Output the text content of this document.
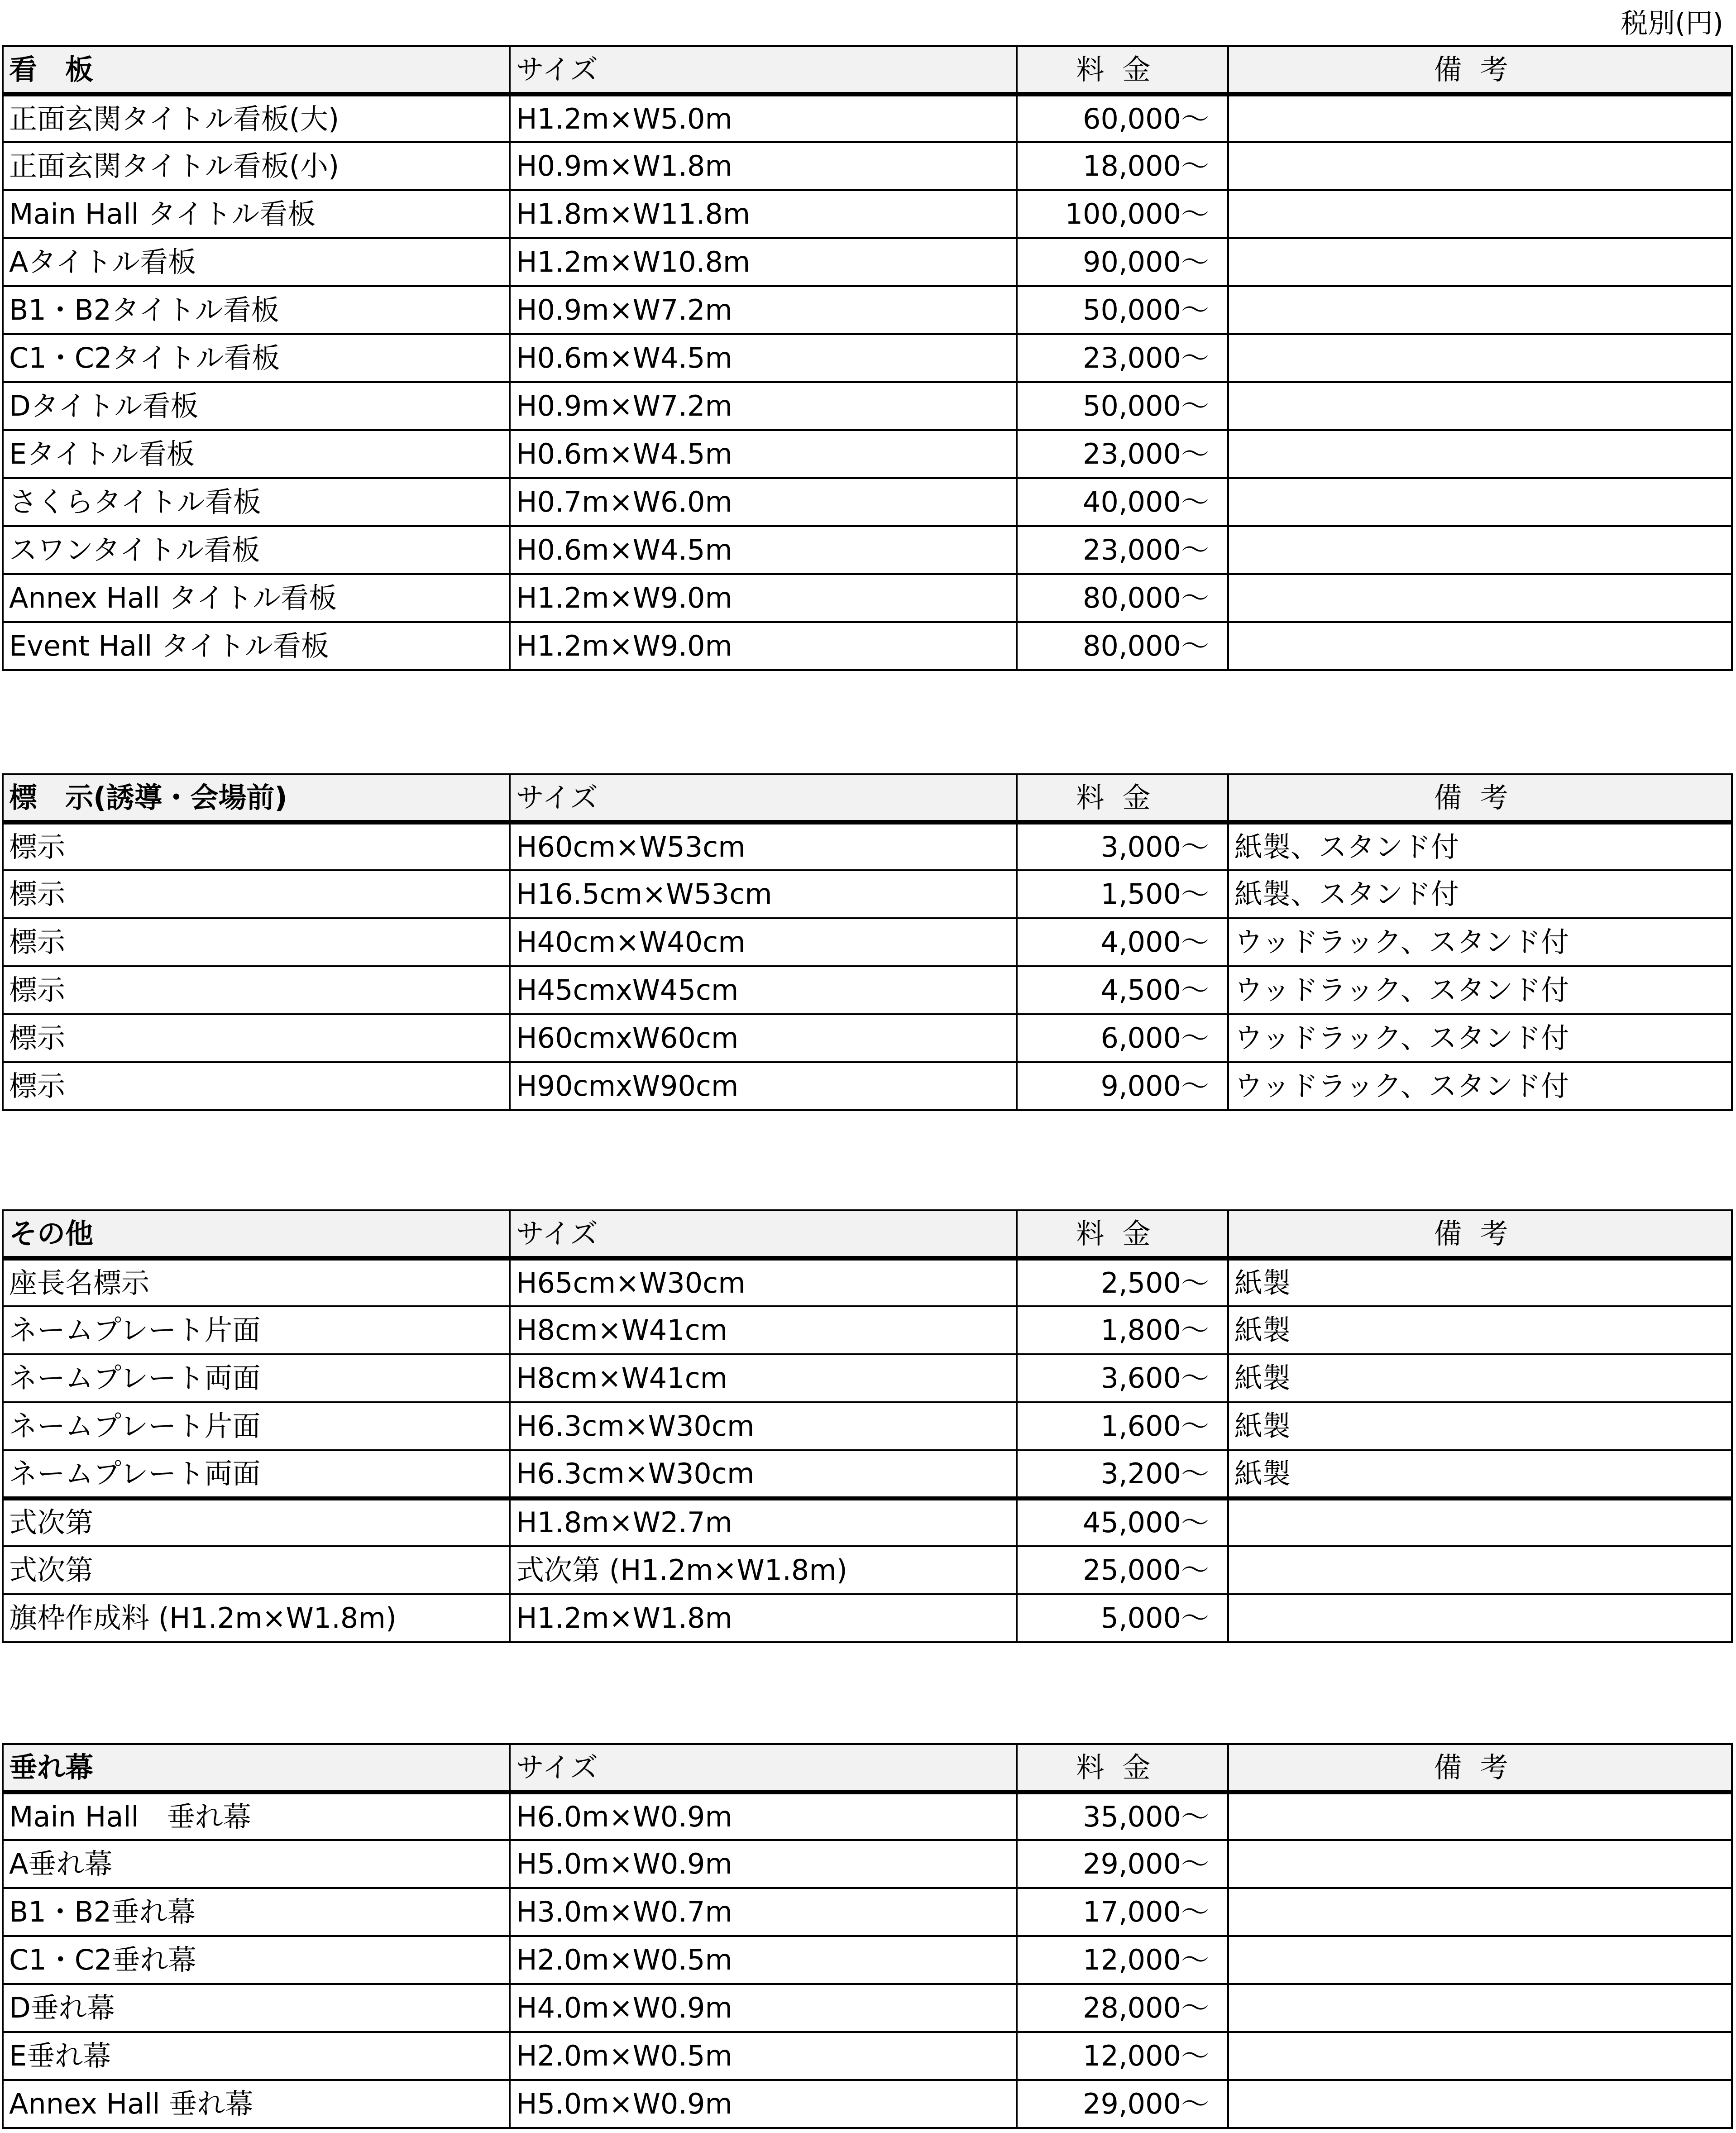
税別(円)
看　板	サイズ	料金	備考
正面玄関タイトル看板(大)	H1.2m×W5.0m	60,000～	
正面玄関タイトル看板(小)	H0.9m×W1.8m	18,000～	
Main Hall タイトル看板	H1.8m×W11.8m	100,000～	
Aタイトル看板	H1.2m×W10.8m	90,000～	
B1・B2タイトル看板	H0.9m×W7.2m	50,000～	
C1・C2タイトル看板	H0.6m×W4.5m	23,000～	
Dタイトル看板	H0.9m×W7.2m	50,000～	
Eタイトル看板	H0.6m×W4.5m	23,000～	
さくらタイトル看板	H0.7m×W6.0m	40,000～	
スワンタイトル看板	H0.6m×W4.5m	23,000～	
Annex Hall タイトル看板	H1.2m×W9.0m	80,000～	
Event Hall タイトル看板	H1.2m×W9.0m	80,000～	
標　示(誘導・会場前)	サイズ	料金	備考
標示	H60cm×W53cm	3,000～	紙製、スタンド付
標示	H16.5cm×W53cm	1,500～	紙製、スタンド付
標示	H40cm×W40cm	4,000～	ウッドラック、スタンド付
標示	H45cmxW45cm	4,500～	ウッドラック、スタンド付
標示	H60cmxW60cm	6,000～	ウッドラック、スタンド付
標示	H90cmxW90cm	9,000～	ウッドラック、スタンド付
その他	サイズ	料金	備考
座長名標示	H65cm×W30cm	2,500～	紙製
ネームプレート片面	H8cm×W41cm	1,800～	紙製
ネームプレート両面	H8cm×W41cm	3,600～	紙製
ネームプレート片面	H6.3cm×W30cm	1,600～	紙製
ネームプレート両面	H6.3cm×W30cm	3,200～	紙製
式次第	H1.8m×W2.7m	45,000～	
式次第	式次第 (H1.2m×W1.8m)	25,000～	
旗枠作成料 (H1.2m×W1.8m)	H1.2m×W1.8m	5,000～	
垂れ幕	サイズ	料金	備考
Main Hall　垂れ幕	H6.0m×W0.9m	35,000～	
A垂れ幕	H5.0m×W0.9m	29,000～	
B1・B2垂れ幕	H3.0m×W0.7m	17,000～	
C1・C2垂れ幕	H2.0m×W0.5m	12,000～	
D垂れ幕	H4.0m×W0.9m	28,000～	
E垂れ幕	H2.0m×W0.5m	12,000～	
Annex Hall 垂れ幕	H5.0m×W0.9m	29,000～	
